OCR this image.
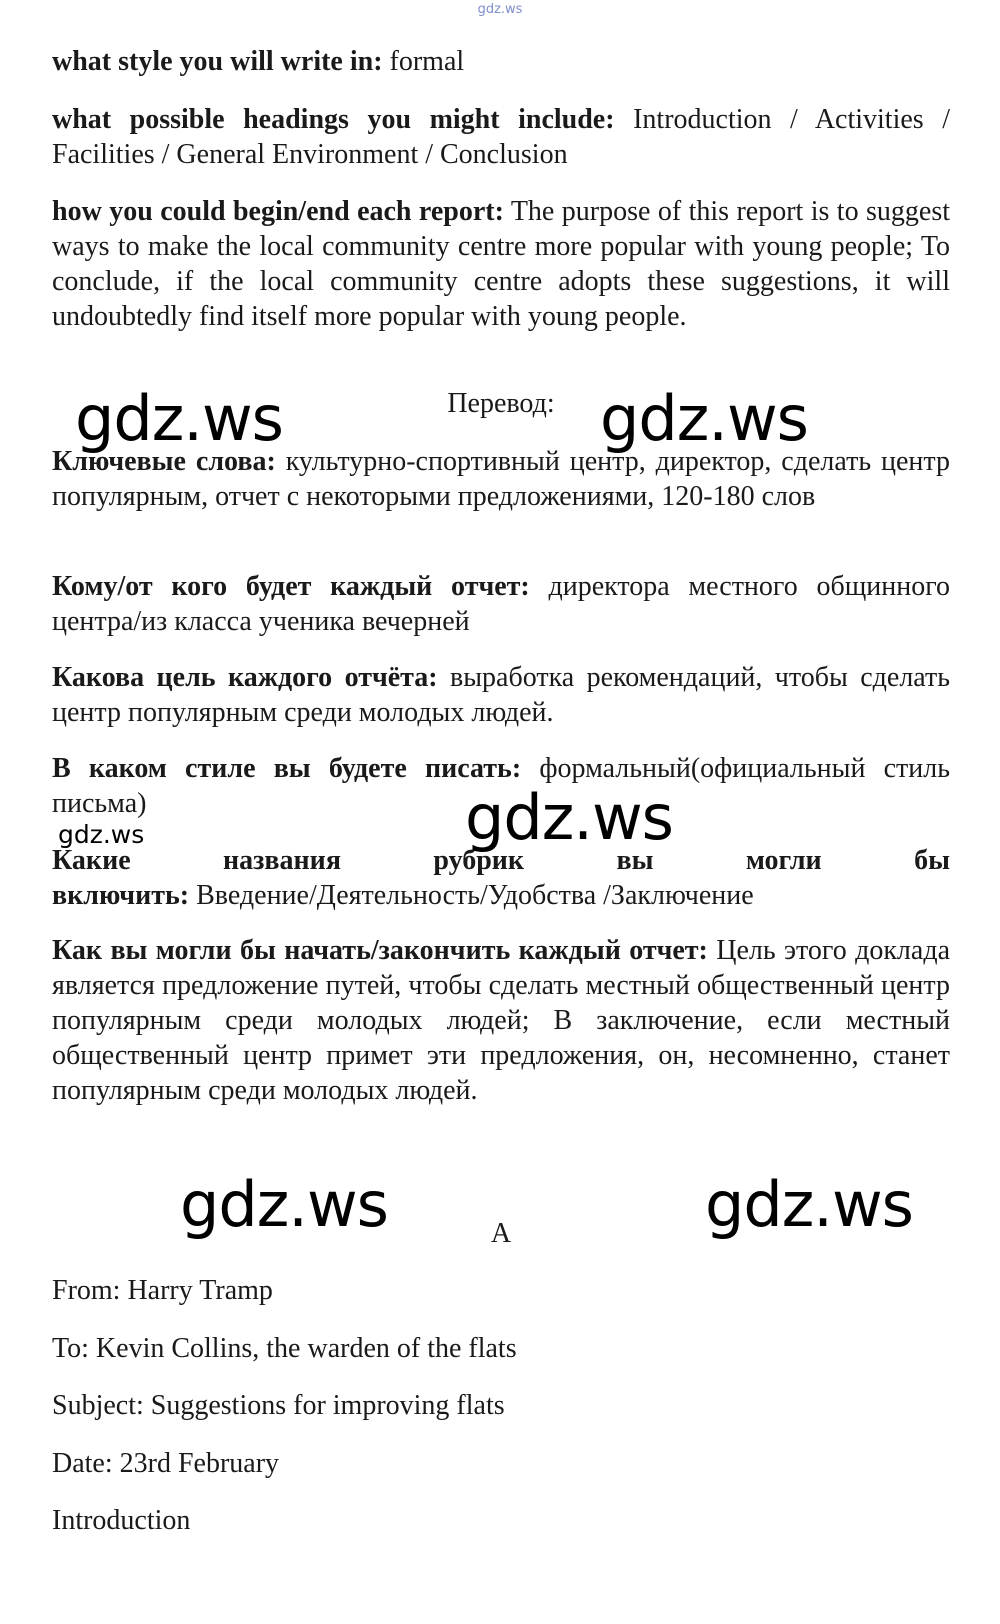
gdz.ws

what style you will write in: formal

what possible headings you might include: Introduction / Activities / Facilities / General Environment / Conclusion

how you could begin/end each report: The purpose of this report is to suggest ways to make the local community centre more popular with young people; To conclude, if the local community centre adopts these suggestions, it will undoubtedly find itself more popular with young people.

Перевод:

Ключевые слова: культурно-спортивный центр, директор, сделать центр популярным, отчет с некоторыми предложениями, 120-180 слов

Кому/от кого будет каждый отчет: директора местного общинного центра/из класса ученика вечерней

Какова цель каждого отчёта: выработка рекомендаций, чтобы сделать центр популярным среди молодых людей.

В каком стиле вы будете писать: формальный(официальный стиль письма)

Какие	названия	рубрик	вы	могли	бы
включить: Введение/Деятельность/Удобства /Заключение

Как вы могли бы начать/закончить каждый отчет: Цель этого доклада является предложение путей, чтобы сделать местный общественный центр популярным среди молодых людей; В заключение, если местный общественный центр примет эти предложения, он, несомненно, станет популярным среди молодых людей.

A

From: Harry Tramp

To: Kevin Collins, the warden of the flats

Subject: Suggestions for improving flats

Date: 23rd February

Introduction

gdz.ws	gdz.ws
gdz.ws
gdz.ws
gdz.ws	gdz.ws
